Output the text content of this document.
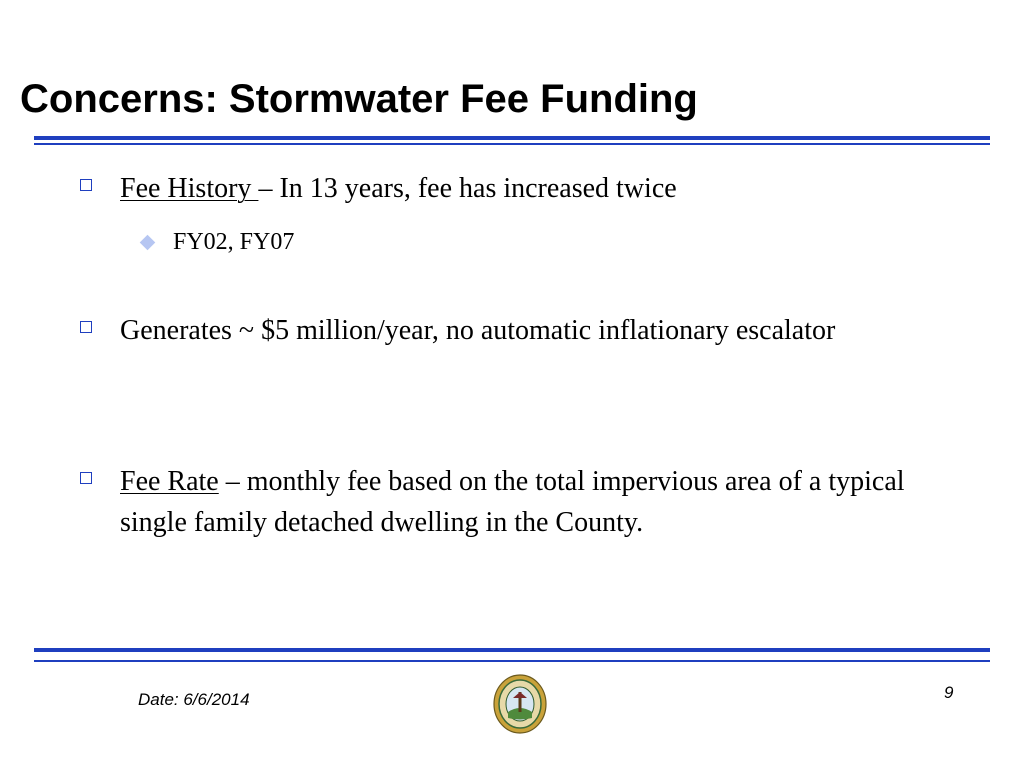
Concerns: Stormwater Fee Funding
Fee History – In 13 years, fee has increased twice
FY02, FY07
Generates ~ $5 million/year, no automatic inflationary escalator
Fee Rate – monthly fee based on the total impervious area of a typical single family detached dwelling in the County.
Date: 6/6/2014	9
